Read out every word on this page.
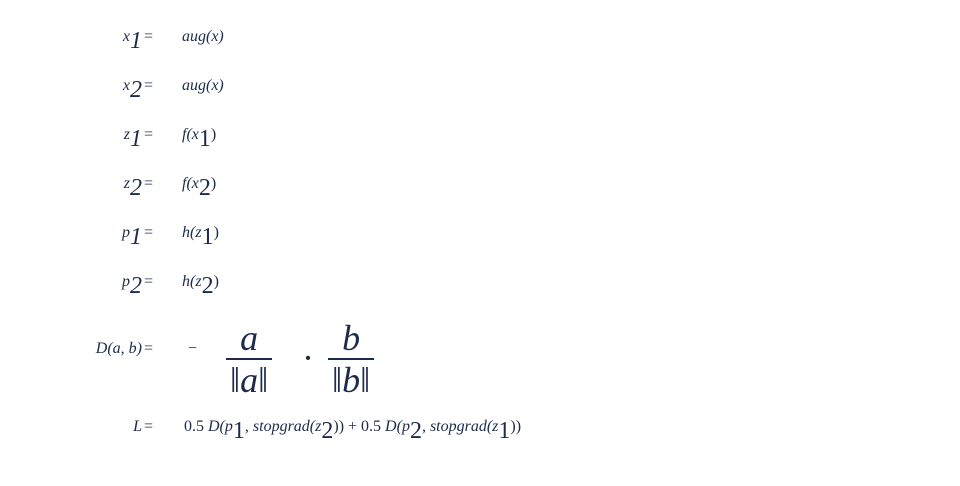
$x_1 = aug(x)$
$x_2 = aug(x)$
$z_1 = f(x_1)$
$z_2 = f(x_2)$
$p_1 = h(z_1)$
$p_2 = h(z_2)$
D(a, b) = − $\frac{a}{‖a‖} \cdot \frac{b}{‖b‖}$
L = 0.5 $D(p_1$, $stopgrad(z_2)) + 0.5$ $D(p_2$, $stopgrad(z_1)$)
